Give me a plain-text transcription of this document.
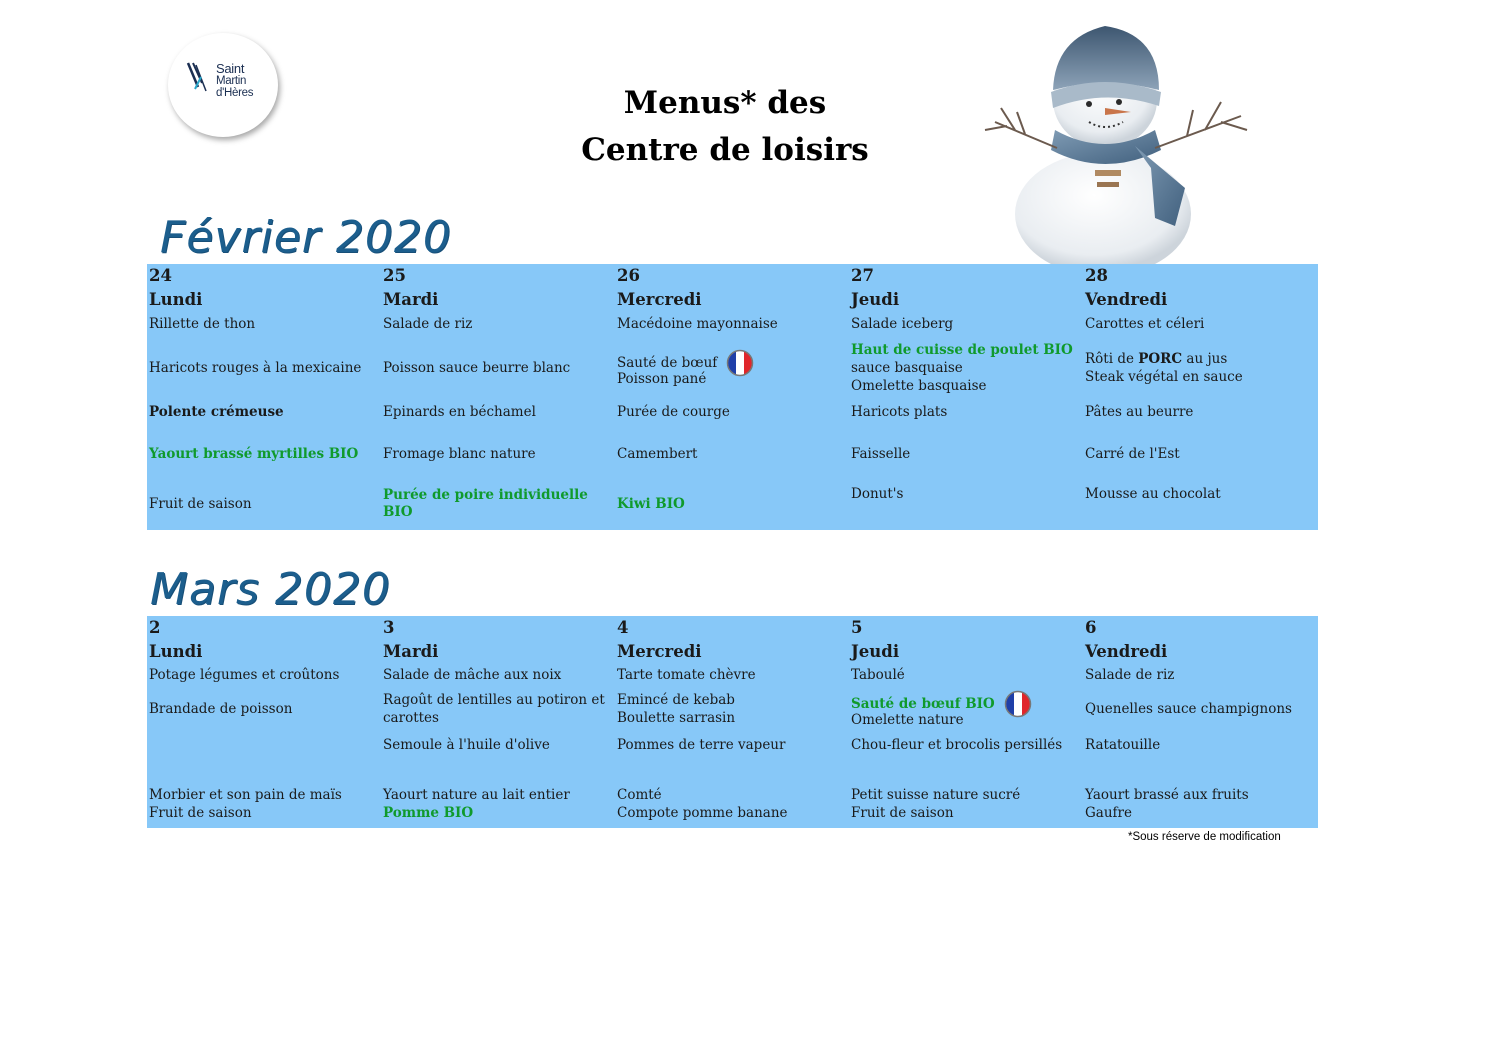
Saint
Martin
d'Hères	Menus* des
Centre de loisirs
Février 2020
24
Lundi
Rillette de thon
Haricots rouges à la mexicaine
Polente crémeuse
Yaourt brassé myrtilles BIO
Fruit de saison
25
Mardi
Salade de riz
Poisson sauce beurre blanc
Epinards en béchamel
Fromage blanc nature
Purée de poire individuelle BIO
26
Mercredi
Macédoine mayonnaise
Sauté de bœuf
Poisson pané
Purée de courge
Camembert
Kiwi BIO
27
Jeudi
Salade iceberg
Haut de cuisse de poulet BIO
sauce basquaise
Omelette basquaise
Haricots plats
Faisselle
Donut's
28
Vendredi
Carottes et céleri
Rôti de PORC au jus
Steak végétal en sauce
Pâtes au beurre
Carré de l'Est
Mousse au chocolat
Mars 2020
2
Lundi
Potage légumes et croûtons
Brandade de poisson
Morbier et son pain de maïs
Fruit de saison
3
Mardi
Salade de mâche aux noix
Ragoût de lentilles au potiron et carottes
Semoule à l'huile d'olive
Yaourt nature au lait entier
Pomme BIO
4
Mercredi
Tarte tomate chèvre
Emincé de kebab
Boulette sarrasin
Pommes de terre vapeur
Comté
Compote pomme banane
5
Jeudi
Taboulé
Sauté de bœuf BIO
Omelette nature
Chou-fleur et brocolis persillés
Petit suisse nature sucré
Fruit de saison
6
Vendredi
Salade de riz
Quenelles sauce champignons
Ratatouille
Yaourt brassé aux fruits
Gaufre
*Sous réserve de modification
